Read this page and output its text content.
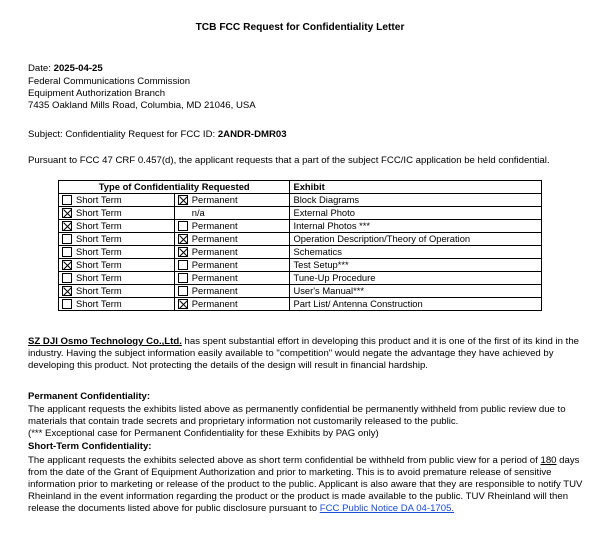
TCB FCC Request for Confidentiality Letter
Date: 2025-04-25
Federal Communications Commission
Equipment Authorization Branch
7435 Oakland Mills Road, Columbia, MD 21046, USA
Subject: Confidentiality Request for FCC ID: 2ANDR-DMR03
Pursuant to FCC 47 CRF 0.457(d), the applicant requests that a part of the subject FCC/IC application be held confidential.
Type of Confidentiality Requested		Exhibit
Short Term	Permanent	Block Diagrams
Short Term	n/a	External Photo
Short Term	Permanent	Internal Photos ***
Short Term	Permanent	Operation Description/Theory of Operation
Short Term	Permanent	Schematics
Short Term	Permanent	Test Setup***
Short Term	Permanent	Tune-Up Procedure
Short Term	Permanent	User's Manual***
Short Term	Permanent	Part List/ Antenna Construction
SZ DJI Osmo Technology Co.,Ltd. has spent substantial effort in developing this product and it is one of the first of its kind in the industry. Having the subject information easily available to "competition" would negate the advantage they have achieved by developing this product. Not protecting the details of the design will result in financial hardship.
Permanent Confidentiality:
The applicant requests the exhibits listed above as permanently confidential be permanently withheld from public review due to materials that contain trade secrets and proprietary information not customarily released to the public.
(*** Exceptional case for Permanent Confidentiality for these Exhibits by PAG only)
Short-Term Confidentiality:
The applicant requests the exhibits selected above as short term confidential be withheld from public view for a period of 180 days from the date of the Grant of Equipment Authorization and prior to marketing. This is to avoid premature release of sensitive information prior to marketing or release of the product to the public. Applicant is also aware that they are responsible to notify TUV Rheinland in the event information regarding the product or the product is made available to the public. TUV Rheinland will then release the documents listed above for public disclosure pursuant to FCC Public Notice DA 04-1705.
